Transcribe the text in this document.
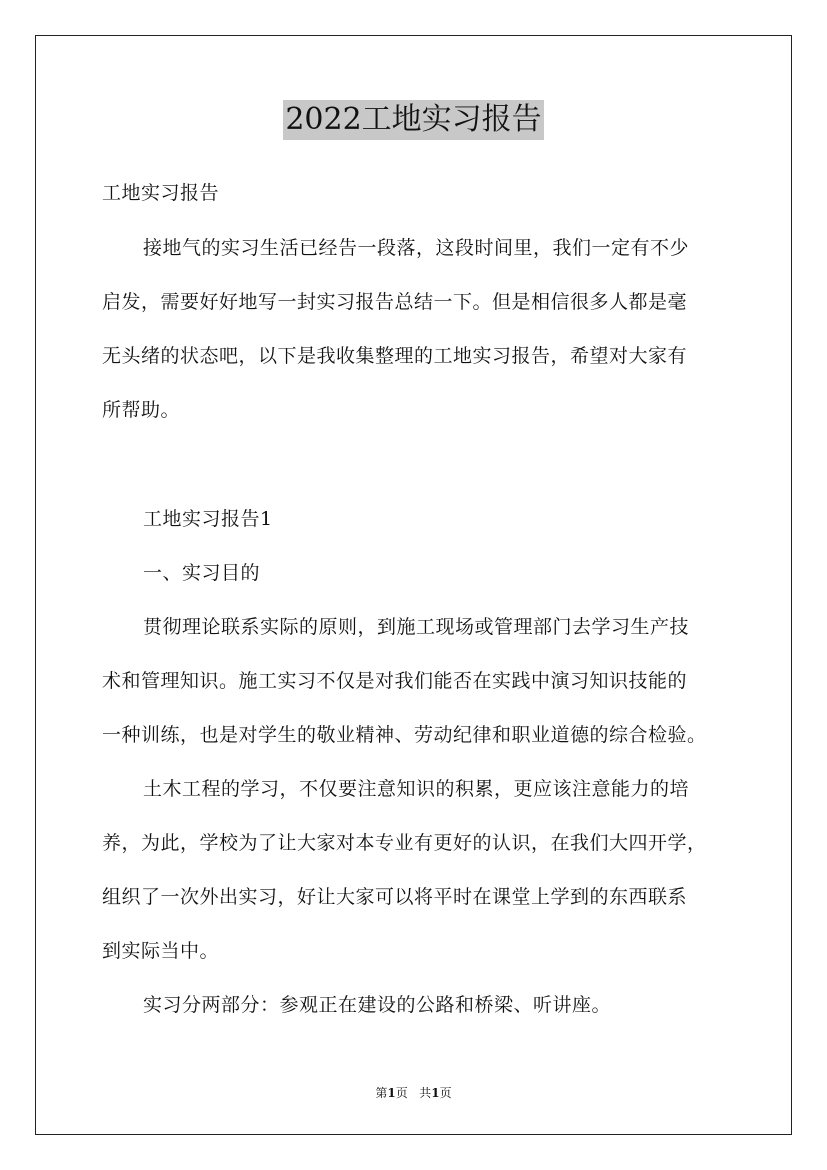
2022工地实习报告
工地实习报告
接地气的实习生活已经告一段落，这段时间里，我们一定有不少
启发，需要好好地写一封实习报告总结一下。但是相信很多人都是毫
无头绪的状态吧，以下是我收集整理的工地实习报告，希望对大家有
所帮助。
工地实习报告1
一、实习目的
贯彻理论联系实际的原则，到施工现场或管理部门去学习生产技
术和管理知识。施工实习不仅是对我们能否在实践中演习知识技能的
一种训练，也是对学生的敬业精神、劳动纪律和职业道德的综合检验。
土木工程的学习，不仅要注意知识的积累，更应该注意能力的培
养，为此，学校为了让大家对本专业有更好的认识，在我们大四开学，
组织了一次外出实习，好让大家可以将平时在课堂上学到的东西联系
到实际当中。
实习分两部分：参观正在建设的公路和桥梁、听讲座。
第1页 共1页
